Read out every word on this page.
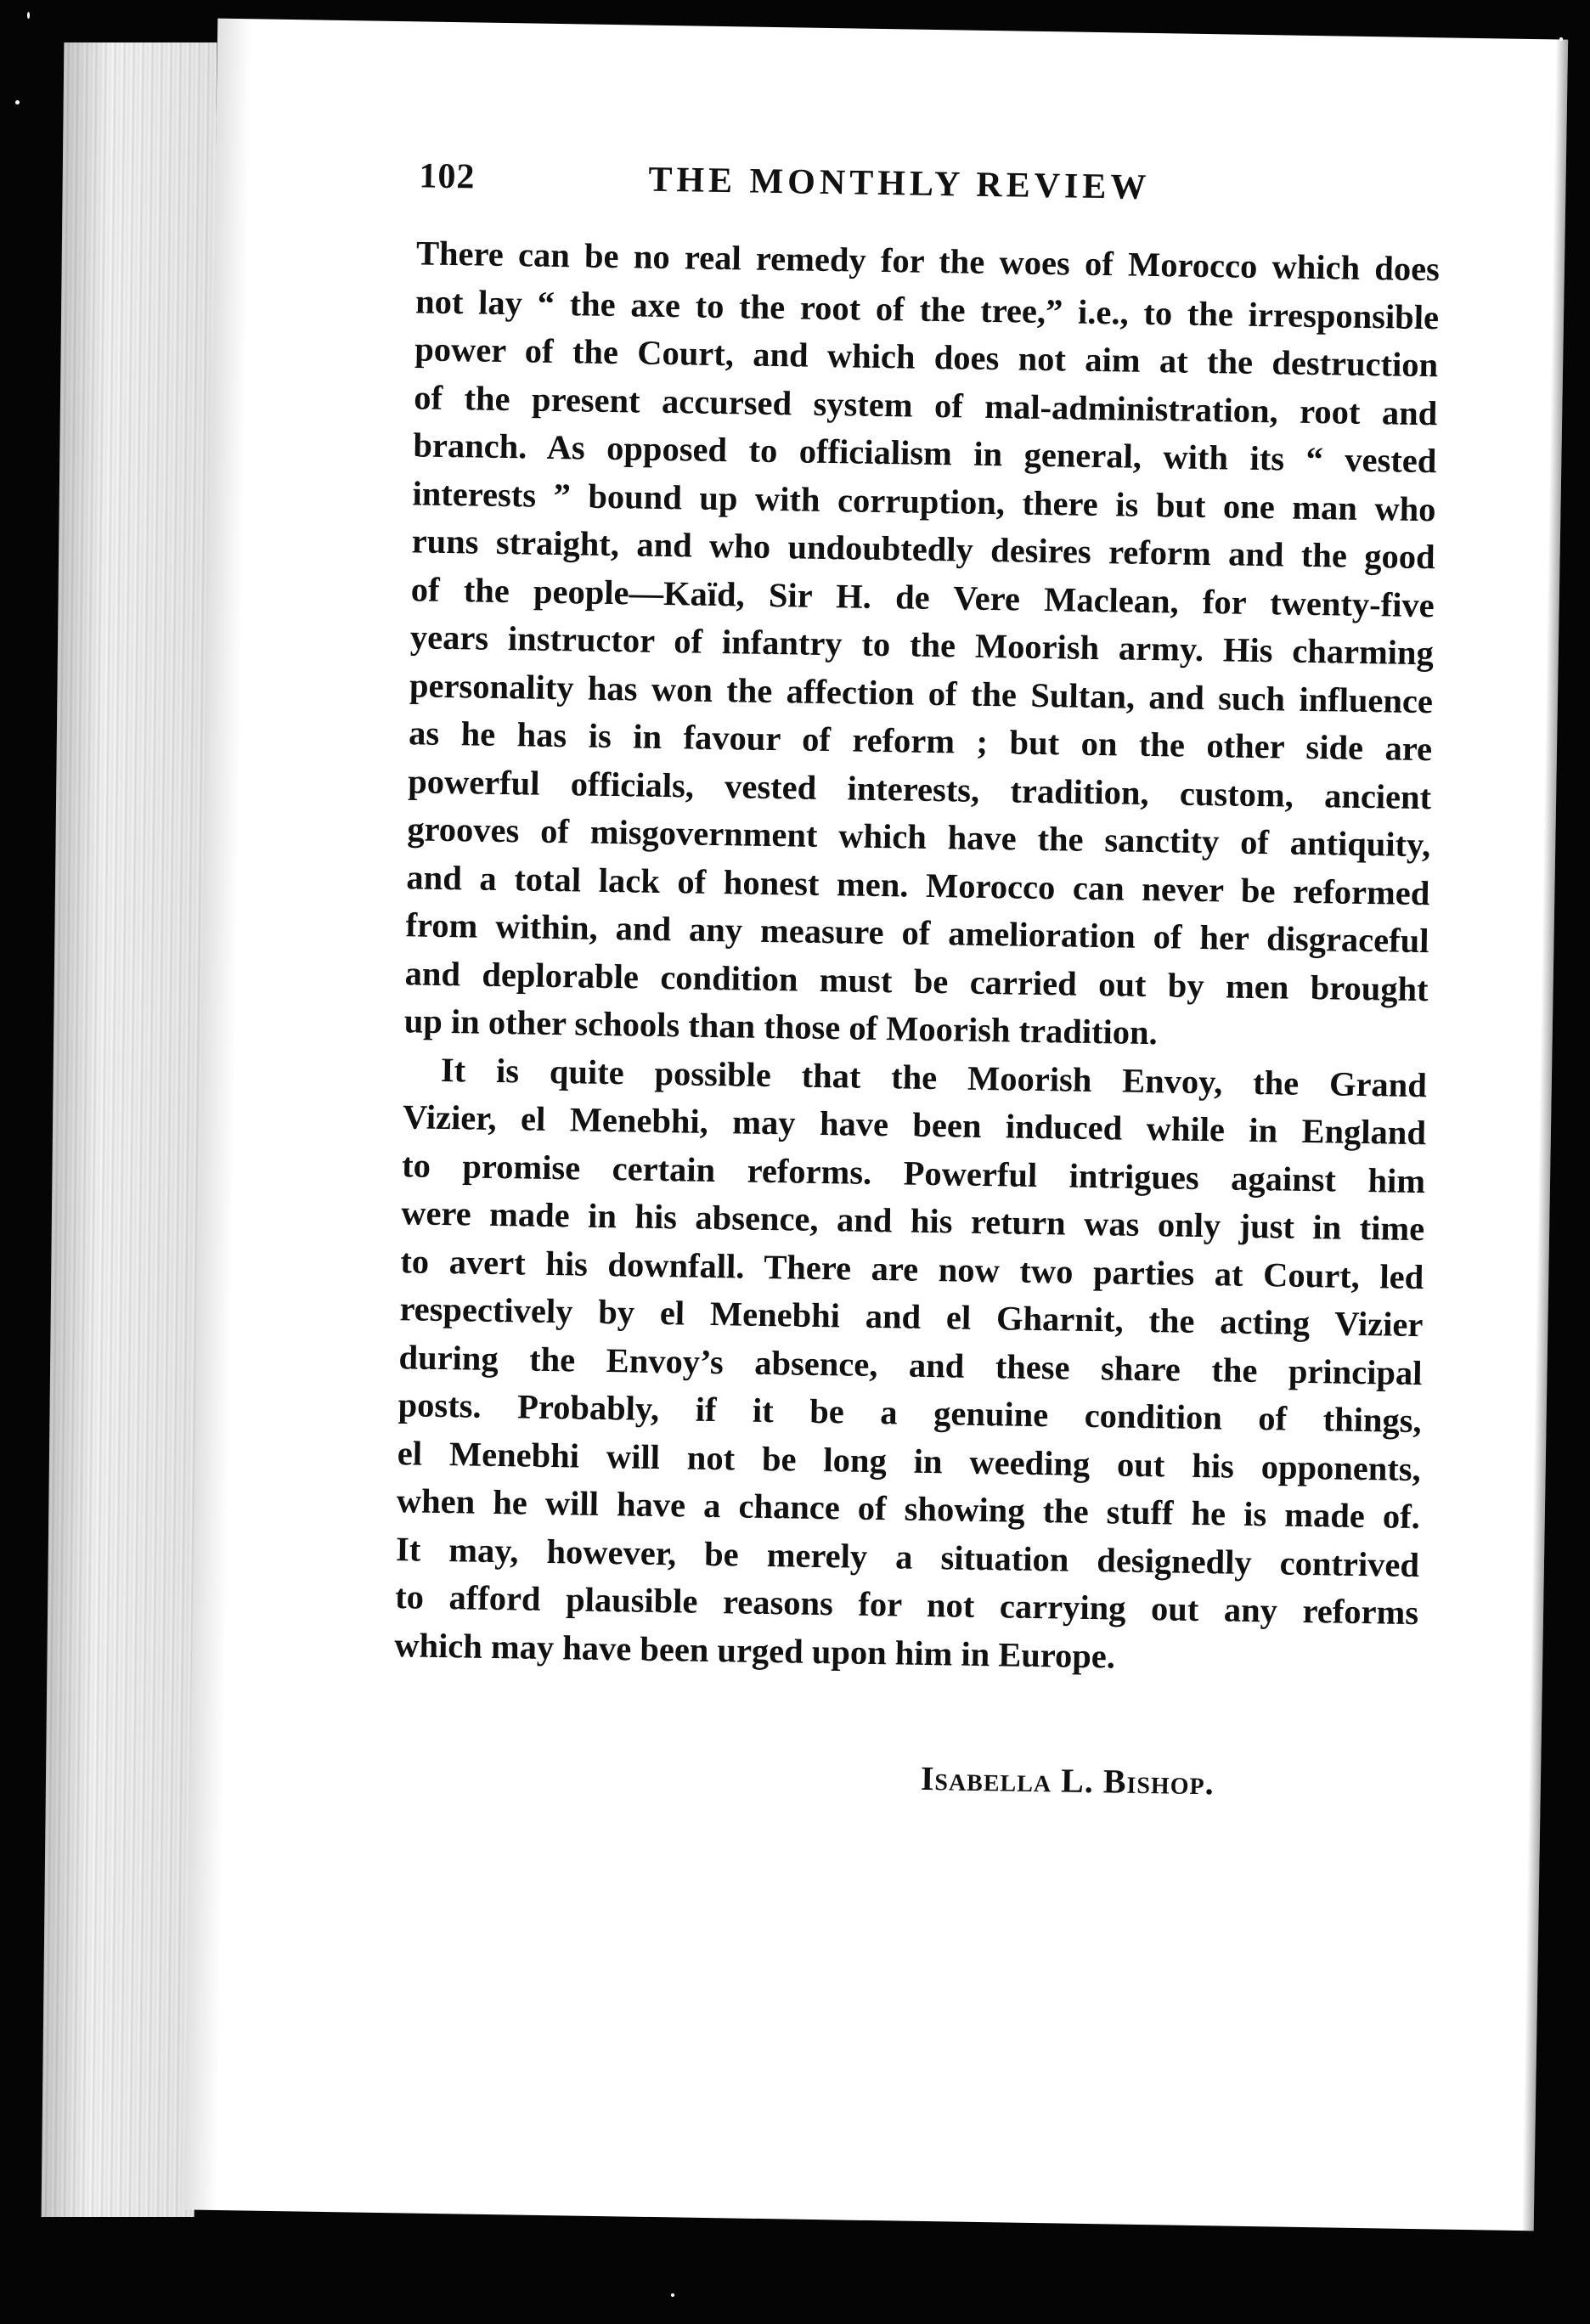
102	THE MONTHLY REVIEW
There can be no real remedy for the woes of Morocco which does
not lay “ the axe to the root of the tree,” i.e., to the irresponsible
power of the Court, and which does not aim at the destruction
of the present accursed system of mal-administration, root and
branch. As opposed to officialism in general, with its “ vested
interests ” bound up with corruption, there is but one man who
runs straight, and who undoubtedly desires reform and the good
of the people—Kaïd, Sir H. de Vere Maclean, for twenty-five
years instructor of infantry to the Moorish army. His charming
personality has won the affection of the Sultan, and such influence
as he has is in favour of reform ; but on the other side are
powerful officials, vested interests, tradition, custom, ancient
grooves of misgovernment which have the sanctity of antiquity,
and a total lack of honest men. Morocco can never be reformed
from within, and any measure of amelioration of her disgraceful
and deplorable condition must be carried out by men brought
up in other schools than those of Moorish tradition.
It is quite possible that the Moorish Envoy, the Grand
Vizier, el Menebhi, may have been induced while in England
to promise certain reforms. Powerful intrigues against him
were made in his absence, and his return was only just in time
to avert his downfall. There are now two parties at Court, led
respectively by el Menebhi and el Gharnit, the acting Vizier
during the Envoy’s absence, and these share the principal
posts. Probably, if it be a genuine condition of things,
el Menebhi will not be long in weeding out his opponents,
when he will have a chance of showing the stuff he is made of.
It may, however, be merely a situation designedly contrived
to afford plausible reasons for not carrying out any reforms
which may have been urged upon him in Europe.
Isabella L. Bishop.
